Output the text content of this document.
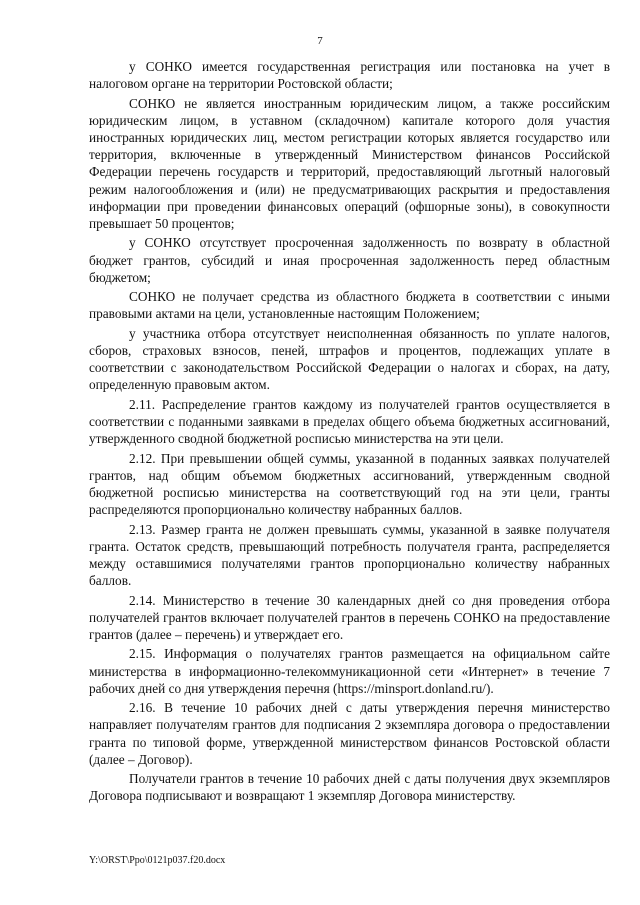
7

у СОНКО имеется государственная регистрация или постановка на учет в налоговом органе на территории Ростовской области;

СОНКО не является иностранным юридическим лицом, а также российским юридическим лицом, в уставном (складочном) капитале которого доля участия иностранных юридических лиц, местом регистрации которых является государство или территория, включенные в утвержденный Министерством финансов Российской Федерации перечень государств и территорий, предоставляющий льготный налоговый режим налогообложения и (или) не предусматривающих раскрытия и предоставления информации при проведении финансовых операций (офшорные зоны), в совокупности превышает 50 процентов;

у СОНКО отсутствует просроченная задолженность по возврату в областной бюджет грантов, субсидий и иная просроченная задолженность перед областным бюджетом;

СОНКО не получает средства из областного бюджета в соответствии с иными правовыми актами на цели, установленные настоящим Положением;

у участника отбора отсутствует неисполненная обязанность по уплате налогов, сборов, страховых взносов, пеней, штрафов и процентов, подлежащих уплате в соответствии с законодательством Российской Федерации о налогах и сборах, на дату, определенную правовым актом.

2.11. Распределение грантов каждому из получателей грантов осуществляется в соответствии с поданными заявками в пределах общего объема бюджетных ассигнований, утвержденного сводной бюджетной росписью министерства на эти цели.

2.12. При превышении общей суммы, указанной в поданных заявках получателей грантов, над общим объемом бюджетных ассигнований, утвержденным сводной бюджетной росписью министерства на соответствующий год на эти цели, гранты распределяются пропорционально количеству набранных баллов.

2.13. Размер гранта не должен превышать суммы, указанной в заявке получателя гранта. Остаток средств, превышающий потребность получателя гранта, распределяется между оставшимися получателями грантов пропорционально количеству набранных баллов.

2.14. Министерство в течение 30 календарных дней со дня проведения отбора получателей грантов включает получателей грантов в перечень СОНКО на предоставление грантов (далее – перечень) и утверждает его.

2.15. Информация о получателях грантов размещается на официальном сайте министерства в информационно-телекоммуникационной сети «Интернет» в течение 7 рабочих дней со дня утверждения перечня (https://minsport.donland.ru/).

2.16. В течение 10 рабочих дней с даты утверждения перечня министерство направляет получателям грантов для подписания 2 экземпляра договора о предоставлении гранта по типовой форме, утвержденной министерством финансов Ростовской области (далее – Договор).

Получатели грантов в течение 10 рабочих дней с даты получения двух экземпляров Договора подписывают и возвращают 1 экземпляр Договора министерству.

Y:\ORST\Ppo\0121p037.f20.docx
